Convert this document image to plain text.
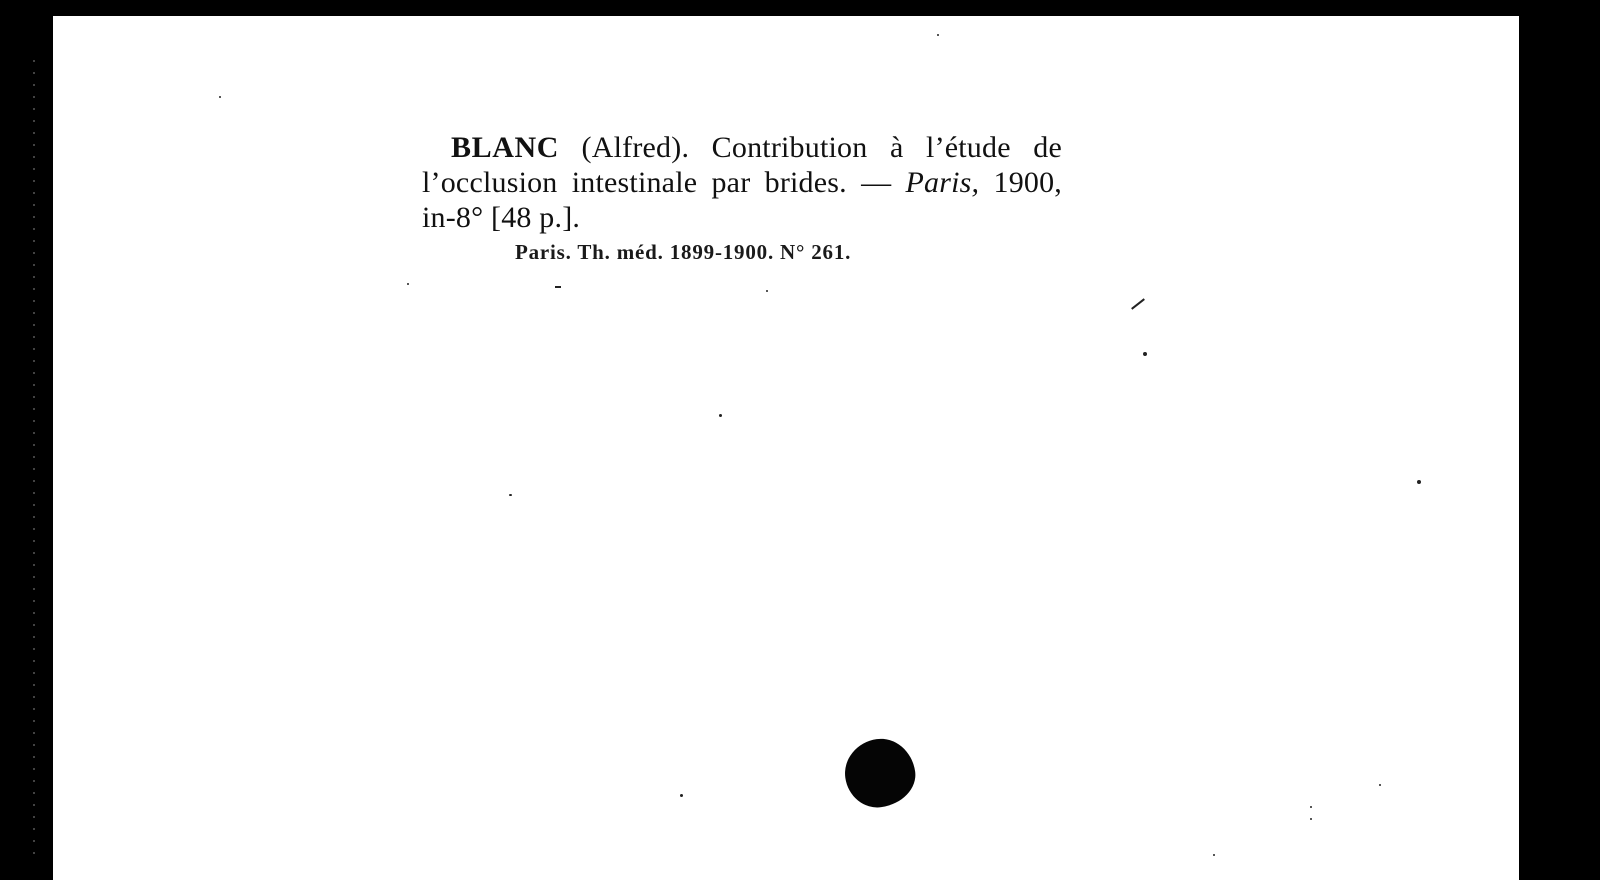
BLANC (Alfred). Contribution à l’étude de l’occlusion intestinale par brides. — Paris, 1900, in-8° [48 p.].

Paris. Th. méd. 1899-1900. N° 261.
